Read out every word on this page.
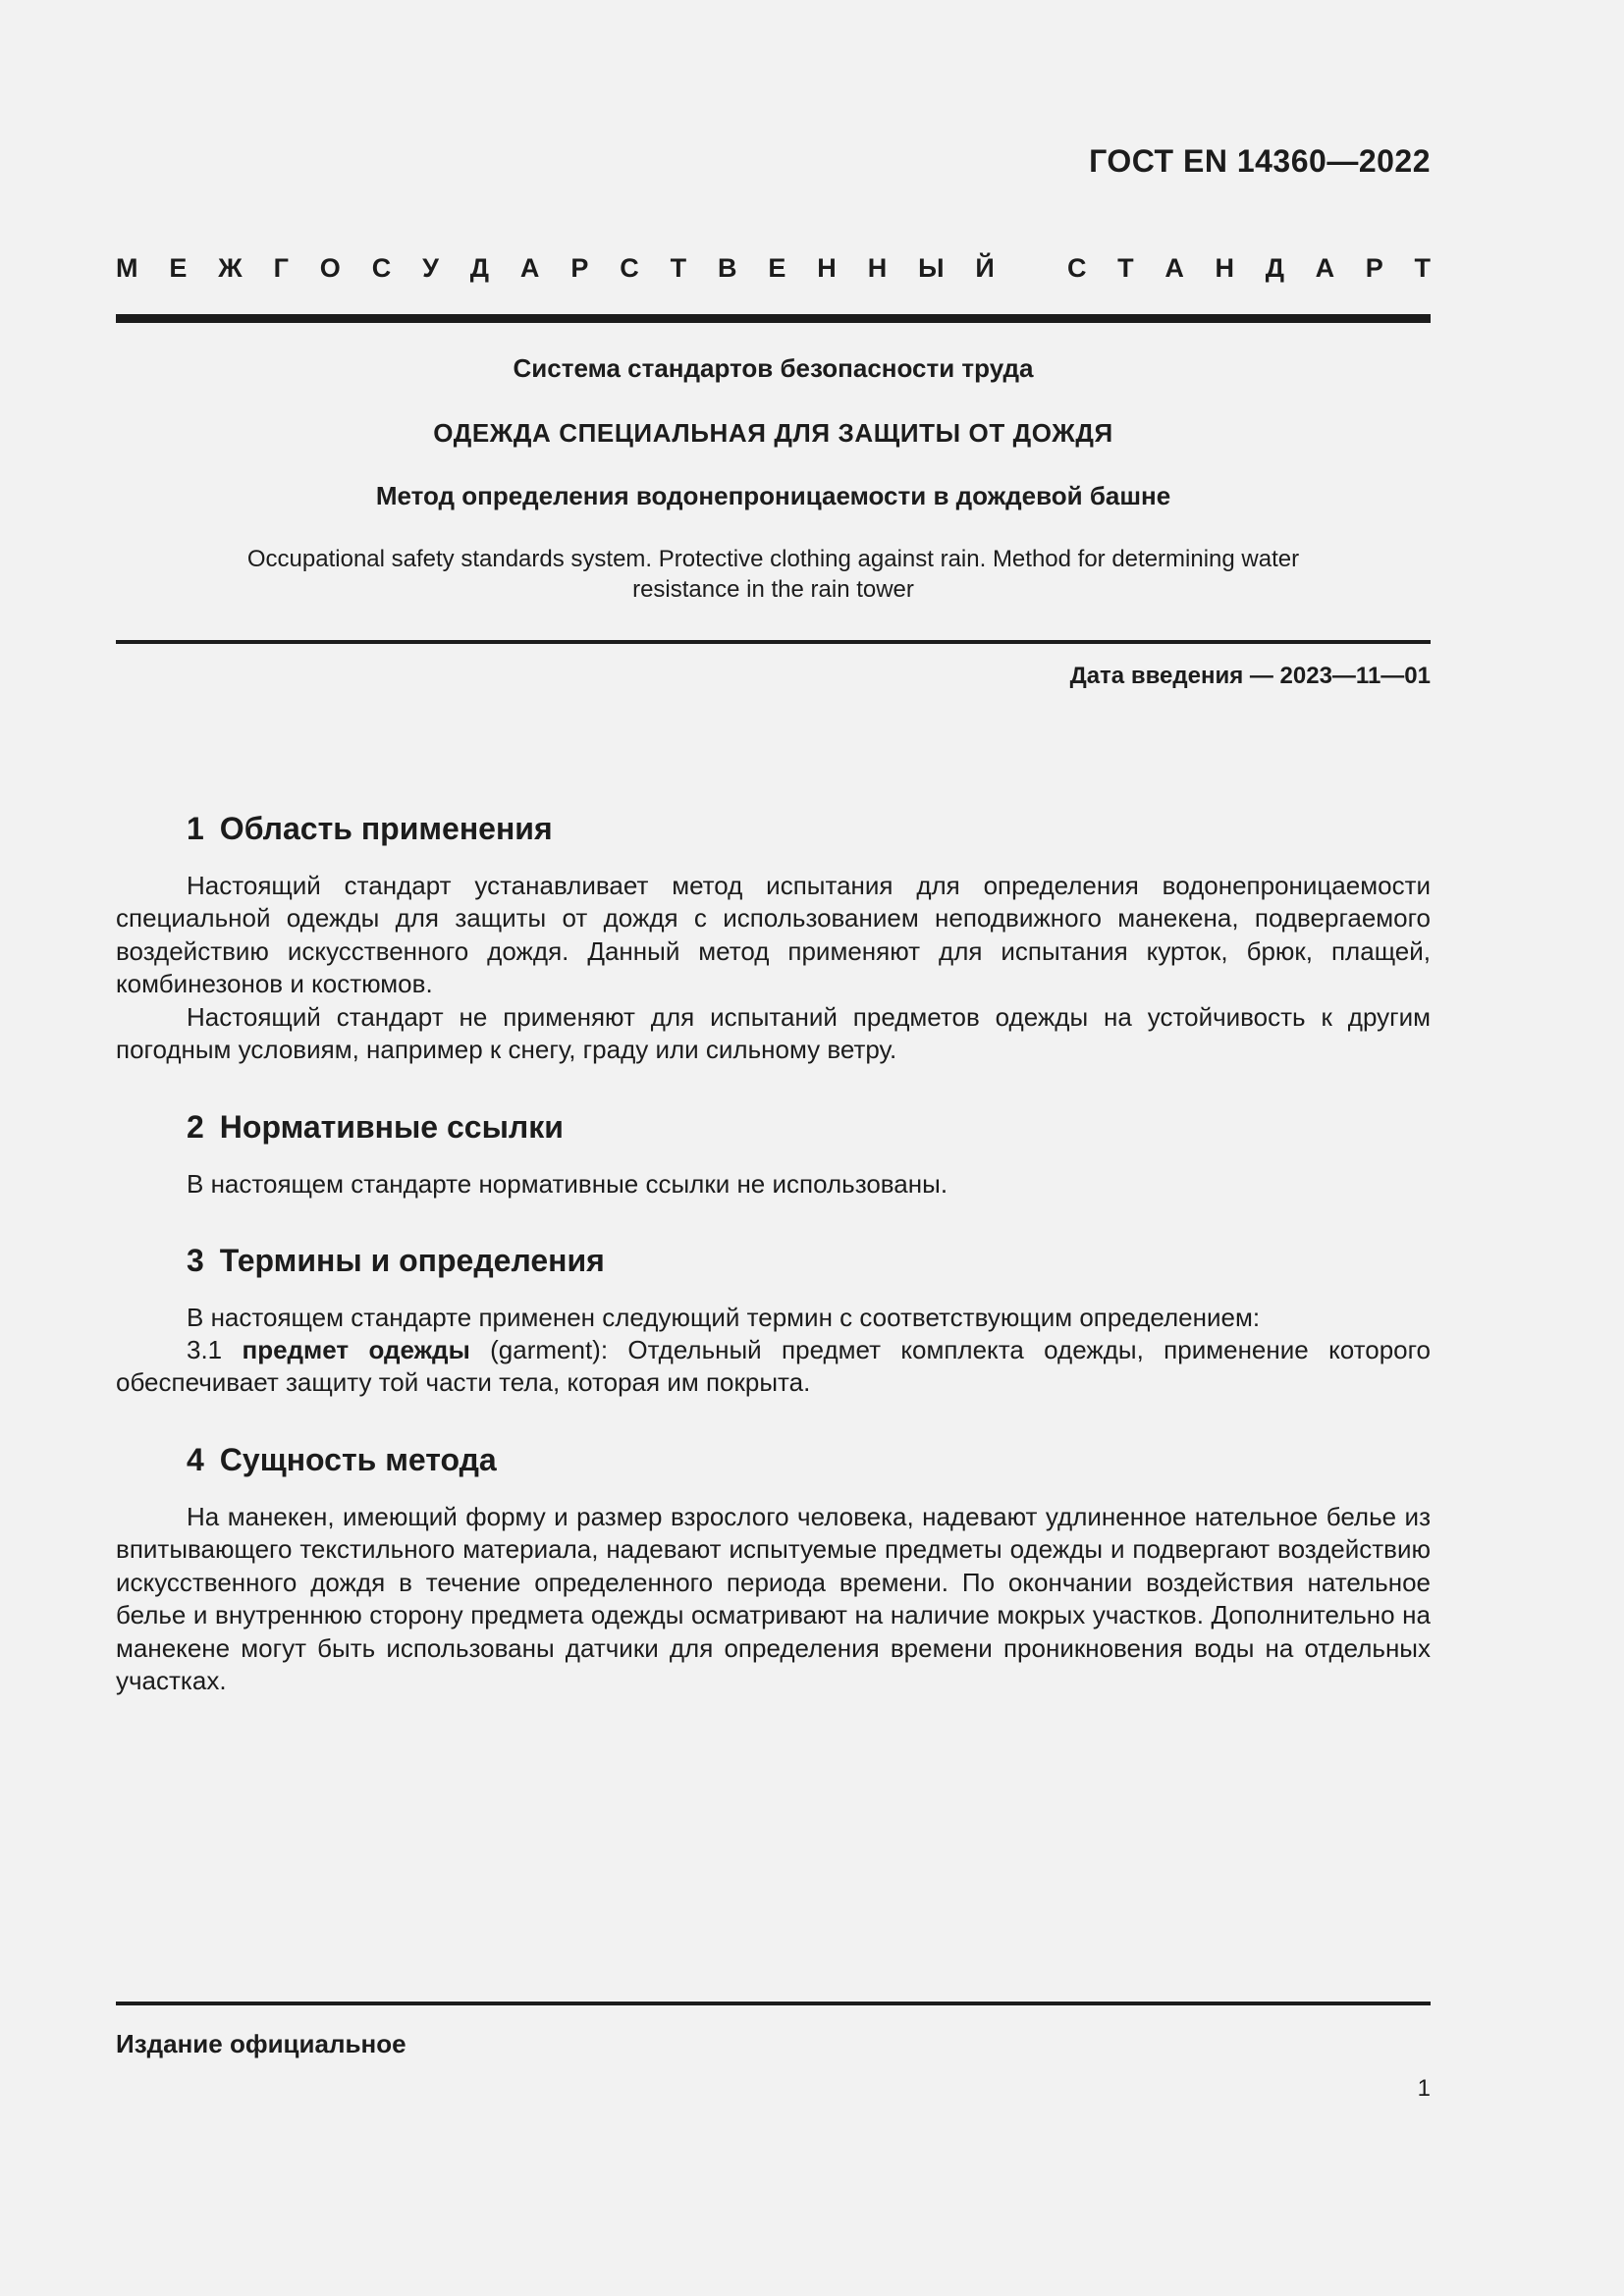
ГОСТ EN 14360—2022
М Е Ж Г О С У Д А Р С Т В Е Н Н Ы Й	С Т А Н Д А Р Т
Система стандартов безопасности труда
ОДЕЖДА СПЕЦИАЛЬНАЯ ДЛЯ ЗАЩИТЫ ОТ ДОЖДЯ
Метод определения водонепроницаемости в дождевой башне
Occupational safety standards system. Protective clothing against rain. Method for determining water resistance in the rain tower
Дата введения — 2023—11—01
1 Область применения

Настоящий стандарт устанавливает метод испытания для определения водонепроницаемости специальной одежды для защиты от дождя с использованием неподвижного манекена, подвергаемого воздействию искусственного дождя. Данный метод применяют для испытания курток, брюк, плащей, комбинезонов и костюмов.

Настоящий стандарт не применяют для испытаний предметов одежды на устойчивость к другим погодным условиям, например к снегу, граду или сильному ветру.

2 Нормативные ссылки

В настоящем стандарте нормативные ссылки не использованы.

3 Термины и определения

В настоящем стандарте применен следующий термин с соответствующим определением:

3.1 предмет одежды (garment): Отдельный предмет комплекта одежды, применение которого обеспечивает защиту той части тела, которая им покрыта.

4 Сущность метода

На манекен, имеющий форму и размер взрослого человека, надевают удлиненное нательное белье из впитывающего текстильного материала, надевают испытуемые предметы одежды и подвергают воздействию искусственного дождя в течение определенного периода времени. По окончании воздействия нательное белье и внутреннюю сторону предмета одежды осматривают на наличие мокрых участков. Дополнительно на манекене могут быть использованы датчики для определения времени проникновения воды на отдельных участках.

Издание официальное
1
